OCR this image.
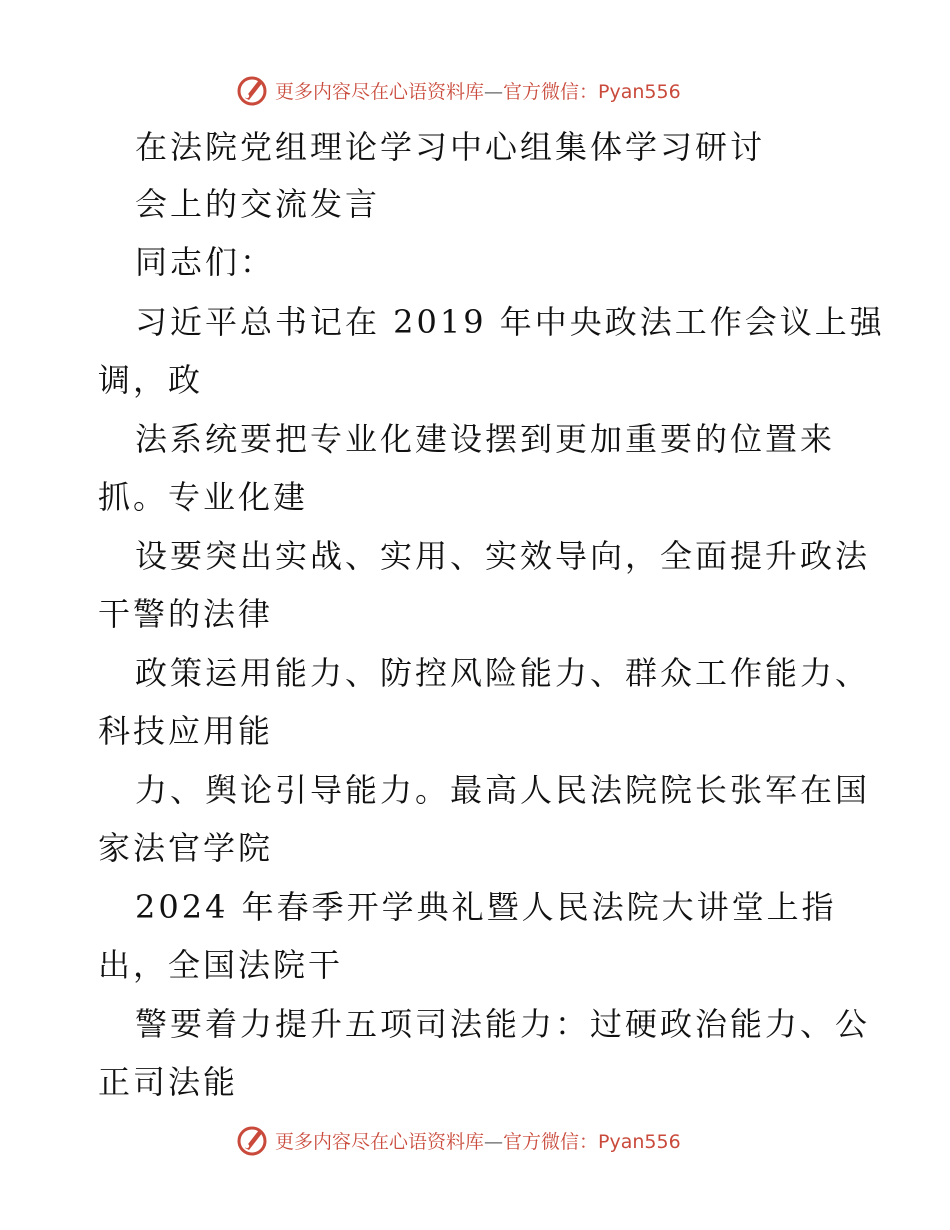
更多内容尽在心语资料库—官方微信：Pyan556
在法院党组理论学习中心组集体学习研讨
会上的交流发言
同志们：
习近平总书记在 2019 年中央政法工作会议上强
调，政
法系统要把专业化建设摆到更加重要的位置来
抓。专业化建
设要突出实战、实用、实效导向，全面提升政法
干警的法律
政策运用能力、防控风险能力、群众工作能力、
科技应用能
力、舆论引导能力。最高人民法院院长张军在国
家法官学院
2024 年春季开学典礼暨人民法院大讲堂上指
出，全国法院干
警要着力提升五项司法能力：过硬政治能力、公
正司法能
更多内容尽在心语资料库—官方微信：Pyan556
